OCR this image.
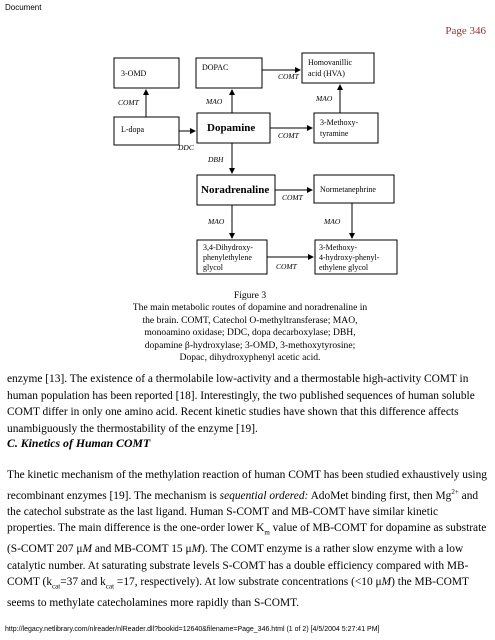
Document
Page 346
3-OMD
DOPAC
Homovanillic
acid (HVA)
L-dopa	Dopamine	3-Methoxy-
tyramine
Noradrenaline	Normetanephrine
3,4-Dihydroxy-
phenylethylene
glycol
3-Methoxy-
4-hydroxy-phenyl-
ethylene glycol
COMT
DDC
MAO
COMT
MAO
COMT
DBH
COMT
MAO	MAO
COMT
Figure 3
The main metabolic routes of dopamine and noradrenaline in the brain. COMT, Catechol O-methyltransferase; MAO, monoamino oxidase; DDC, dopa decarboxylase; DBH, dopamine β-hydroxylase; 3-OMD, 3-methoxytyrosine; Dopac, dihydroxyphenyl acetic acid.

enzyme [13]. The existence of a thermolabile low-activity and a thermostable high-activity COMT in human population has been reported [18]. Interestingly, the two published sequences of human soluble COMT differ in only one amino acid. Recent kinetic studies have shown that this difference affects unambiguously the thermostability of the enzyme [19].

C. Kinetics of Human COMT

The kinetic mechanism of the methylation reaction of human COMT has been studied exhaustively using recombinant enzymes [19]. The mechanism is sequential ordered: AdoMet binding first, then $Mg^{2+}$ and the catechol substrate as the last ligand. Human S-COMT and MB-COMT have similar kinetic properties. The main difference is the one-order lower $K_m$ value of MB-COMT for dopamine as substrate (S-COMT 207 μM and MB-COMT 15 μM). The COMT enzyme is a rather slow enzyme with a low catalytic number. At saturating substrate levels S-COMT has a double efficiency compared with MB-COMT ($k_{cat}=37$ and $k_{cat} =17$, respectively). At low substrate concentrations (<10 μM) the MB-COMT seems to methylate catecholamines more rapidly than S-COMT.

http://legacy.netlibrary.com/nlreader/nlReader.dll?bookid=12640&filename=Page_346.html (1 of 2) [4/5/2004 5:27:41 PM]
